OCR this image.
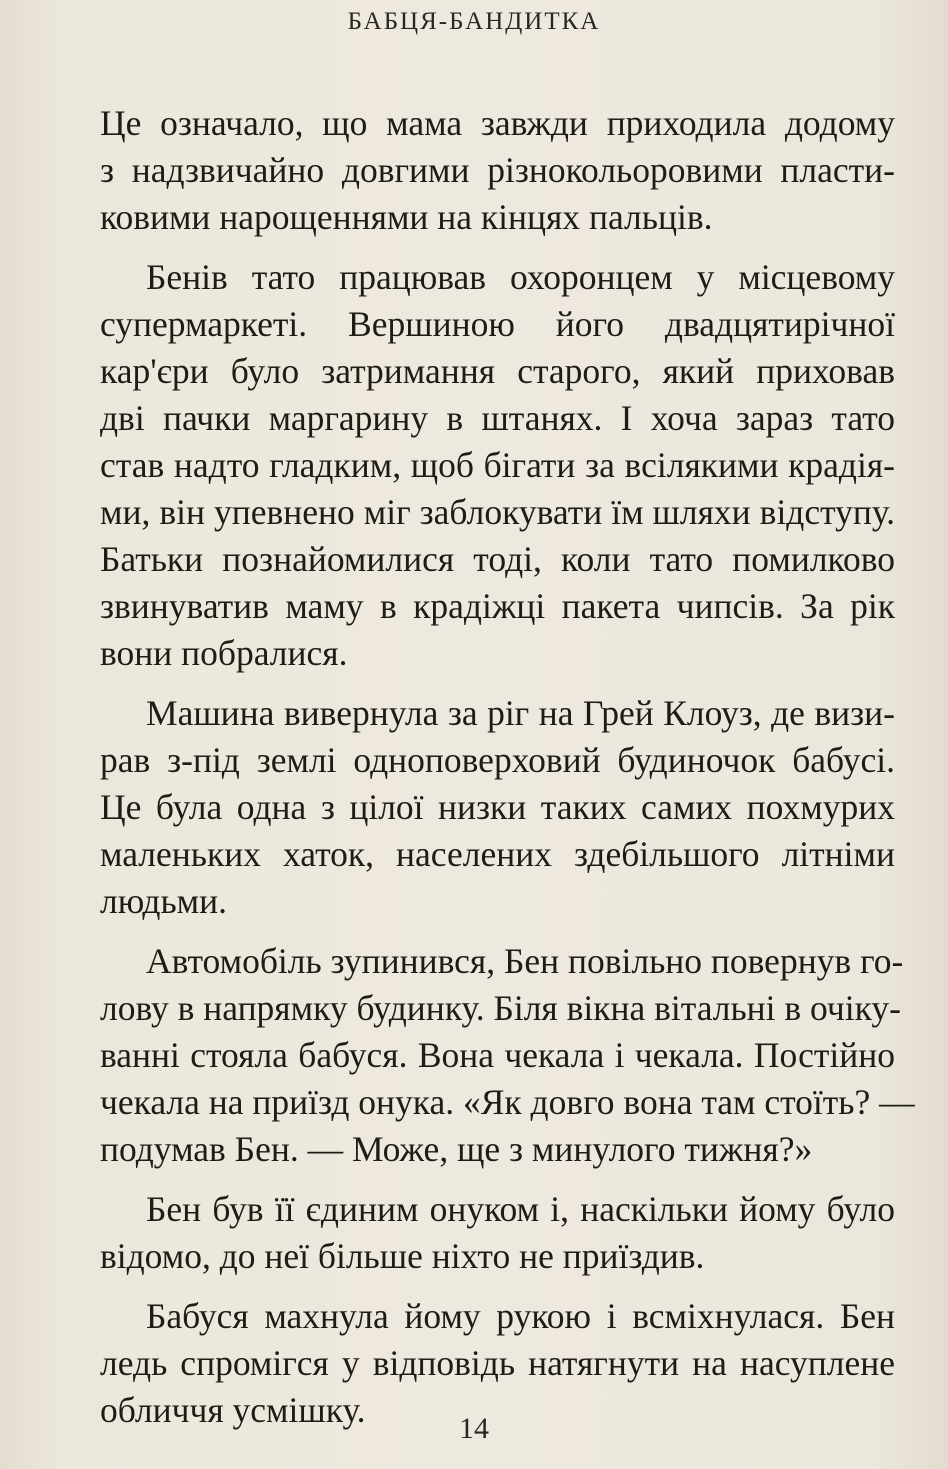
БАБЦЯ-БАНДИТКА
Це означало, що мама завжди приходила додому
з надзвичайно довгими різнокольоровими пласти-
ковими нарощеннями на кінцях пальців.
Бенів тато працював охоронцем у місцевому
супермаркеті. Вершиною його двадцятирічної
кар'єри було затримання старого, який приховав
дві пачки маргарину в штанях. І хоча зараз тато
став надто гладким, щоб бігати за всілякими крадія-
ми, він упевнено міг заблокувати їм шляхи відступу.
Батьки познайомилися тоді, коли тато помилково
звинуватив маму в крадіжці пакета чипсів. За рік
вони побралися.
Машина вивернула за ріг на Грей Клоуз, де визи-
рав з-під землі одноповерховий будиночок бабусі.
Це була одна з цілої низки таких самих похмурих
маленьких хаток, населених здебільшого літніми
людьми.
Автомобіль зупинився, Бен повільно повернув го-
лову в напрямку будинку. Біля вікна вітальні в очіку-
ванні стояла бабуся. Вона чекала і чекала. Постійно
чекала на приїзд онука. «Як довго вона там стоїть? —
подумав Бен. — Може, ще з минулого тижня?»
Бен був її єдиним онуком і, наскільки йому було
відомо, до неї більше ніхто не приїздив.
Бабуся махнула йому рукою і всміхнулася. Бен
ледь спромігся у відповідь натягнути на насуплене
обличчя усмішку.	14
